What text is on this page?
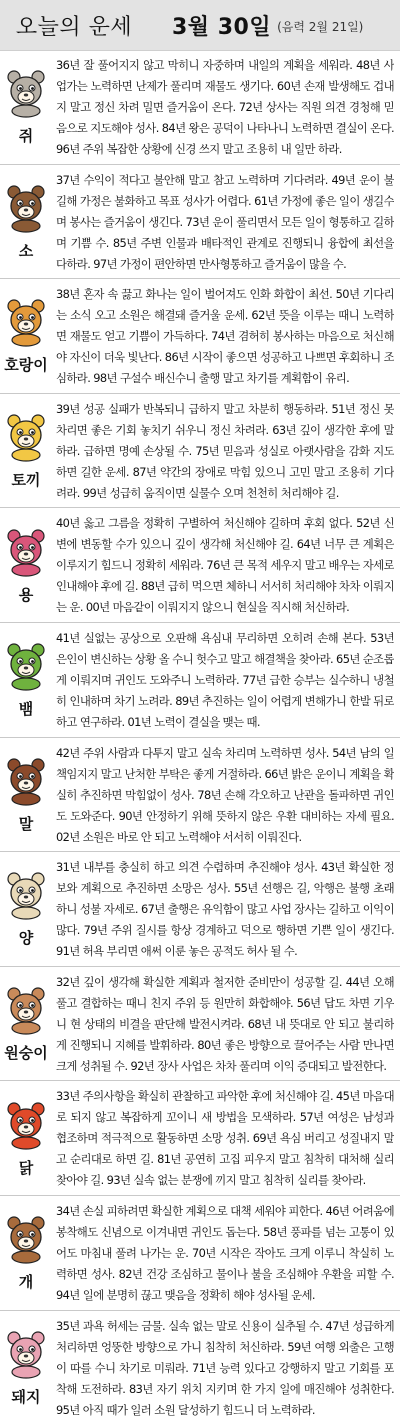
오늘의 운세	3월 30일 (음력 2월 21일)
쥐

36년 잘 풀어지지 않고 막히니 자중하며 내일의 계획을 세워라. 48년 사업가는 노력하면 난제가 풀리며 재물도 생기다. 60년 손재 발생해도 겁내지 말고 정신 차려 밀면 즐거움이 온다. 72년 상사는 직원 의견 경청해 믿음으로 지도해야 성사. 84년 왕은 공덕이 나타나니 노력하면 결실이 온다. 96년 주위 복잡한 상황에 신경 쓰지 말고 조용히 내 일만 하라.

소

37년 수익이 적다고 불안해 말고 참고 노력하며 기다려라. 49년 운이 불길해 가정은 불화하고 목표 성사가 어렵다. 61년 가정에 좋은 일이 생길수며 봉사는 즐거움이 생긴다. 73년 운이 풀리면서 모든 일이 형통하고 길하며 기쁨 수. 85년 주변 인물과 배타적인 관계로 진행되니 융합에 최선을 다하라. 97년 가정이 편안하면 만사형통하고 즐거움이 많을 수.

호랑이

38년 혼자 속 끓고 화나는 일이 벌어져도 인화 화합이 최선. 50년 기다리는 소식 오고 소원은 해결돼 즐거울 운세. 62년 뜻을 이루는 때니 노력하면 재물도 얻고 기쁨이 가득하다. 74년 겸허히 봉사하는 마음으로 처신해야 자신이 더욱 빛난다. 86년 시작이 좋으면 성공하고 나쁘면 후회하니 조심하라. 98년 구설수 배신수니 출행 말고 차기를 계획함이 유리.

토끼

39년 성공 실패가 반복되니 급하지 말고 차분히 행동하라. 51년 정신 못 차리면 좋은 기회 놓치기 쉬우니 정신 차려라. 63년 깊이 생각한 후에 말하라. 급하면 명예 손상될 수. 75년 믿음과 성실로 아랫사람을 감화 지도하면 길한 운세. 87년 약간의 장애로 막힘 있으니 고민 말고 조용히 기다려라. 99년 성급히 움직이면 실물수 오며 천천히 처리해야 길.

용

40년 옳고 그름을 정확히 구별하여 처신해야 길하며 후회 없다. 52년 신변에 변동할 수가 있으니 깊이 생각해 처신해야 길. 64년 너무 큰 계획은 이루지기 힘드니 정확히 세워라. 76년 큰 목적 세우지 말고 배우는 자세로 인내해야 후에 길. 88년 급히 먹으면 체하니 서서히 처리해야 차차 이뤄지는 운. 00년 마음같이 이뤄지지 않으니 현실을 직시해 처신하라.

뱀

41년 실없는 공상으로 오판해 욕심내 무리하면 오히려 손해 본다. 53년 은인이 변신하는 상황 올 수니 헛수고 말고 해결책을 찾아라. 65년 순조롭게 이뤄지며 귀인도 도와주니 노력하라. 77년 급한 승부는 실수하니 냉철히 인내하며 차기 노려라. 89년 추진하는 일이 어렵게 변해가니 한발 뒤로 하고 연구하라. 01년 노력이 결실을 맺는 때.

말

42년 주위 사람과 다투지 말고 실속 차리며 노력하면 성사. 54년 남의 일 책임지지 말고 난처한 부탁은 좋게 거절하라. 66년 밝은 운이니 계획을 확실히 추진하면 막힘없이 성사. 78년 손해 각오하고 난관을 돌파하면 귀인도 도와준다. 90년 안정하기 위해 뜻하지 않은 우환 대비하는 자세 필요. 02년 소원은 바로 안 되고 노력해야 서서히 이뤄진다.

양

31년 내부를 충실히 하고 의견 수렴하며 추진해야 성사. 43년 확실한 정보와 계획으로 추진하면 소망은 성사. 55년 선행은 길, 악행은 불행 초래하니 성불 자세로. 67년 출행은 유익함이 많고 사업 장사는 길하고 이익이 많다. 79년 주위 질시를 항상 경계하고 덕으로 행하면 기쁜 일이 생긴다. 91년 허욕 부리면 애써 이룬 놓은 공적도 허사 될 수.

원숭이

32년 깊이 생각해 확실한 계획과 철저한 준비만이 성공할 길. 44년 오해 풀고 결합하는 때니 친지 주위 등 원만히 화합해야. 56년 답도 차면 기우니 현 상태의 비결을 판단해 발전시켜라. 68년 내 뜻대로 안 되고 불리하게 진행되니 지혜를 발휘하라. 80년 좋은 방향으로 끌어주는 사람 만나면 크게 성취될 수. 92년 장사 사업은 차차 풀리며 이익 증대되고 발전한다.

닭

33년 주의사항을 확실히 관찰하고 파악한 후에 처신해야 길. 45년 마음대로 되지 않고 복잡하게 꼬이니 새 방법을 모색하라. 57년 여성은 남성과 협조하며 적극적으로 활동하면 소망 성취. 69년 욕심 버리고 성질내지 말고 순리대로 하면 길. 81년 공연히 고집 피우지 말고 침착히 대처해 실리 찾아야 길. 93년 실속 없는 분쟁에 끼지 말고 침착히 실리를 찾아라.

개

34년 손실 피하려면 확실한 계획으로 대책 세워야 피한다. 46년 어려움에 봉착해도 신념으로 이겨내면 귀인도 돕는다. 58년 풍파를 넘는 고통이 있어도 마침내 풀려 나가는 운. 70년 시작은 작아도 크게 이루니 착실히 노력하면 성사. 82년 건강 조심하고 물이나 불을 조심해야 우환을 피할 수. 94년 일에 분명히 끊고 맺음을 정확히 해야 성사될 운세.

돼지

35년 과욕 허세는 금물. 실속 없는 말로 신용이 실추될 수. 47년 성급하게 처리하면 엉뚱한 방향으로 가니 침착히 처신하라. 59년 여행 외출은 고행이 따를 수니 차기로 미뤄라. 71년 능력 있다고 강행하지 말고 기회를 포착해 도전하라. 83년 자기 위치 지키며 한 가지 일에 매진해야 성취한다. 95년 아직 때가 일러 소원 달성하기 힘드니 더 노력하라.
